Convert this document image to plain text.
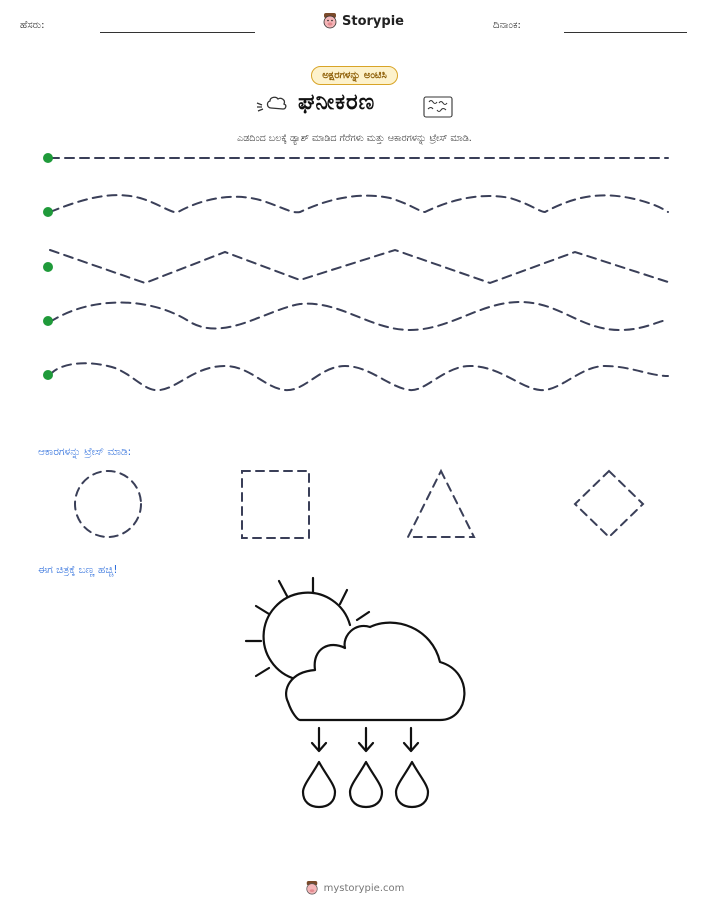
ಹೆಸರು:	Storypie	ದಿನಾಂಕ:
ಅಕ್ಷರಗಳನ್ನು ಅಂಟಿಸಿ
ಘನೀಕರಣ
ಎಡದಿಂದ ಬಲಕ್ಕೆ ಡ್ಯಾಶ್ ಮಾಡಿದ ಗೆರೆಗಳು ಮತ್ತು ಆಕಾರಗಳನ್ನು ಟ್ರೇಸ್ ಮಾಡಿ.
ಆಕಾರಗಳನ್ನು ಟ್ರೇಸ್ ಮಾಡಿ:
ಈಗ ಚಿತ್ರಕ್ಕೆ ಬಣ್ಣ ಹಚ್ಚಿ!
mystorypie.com
